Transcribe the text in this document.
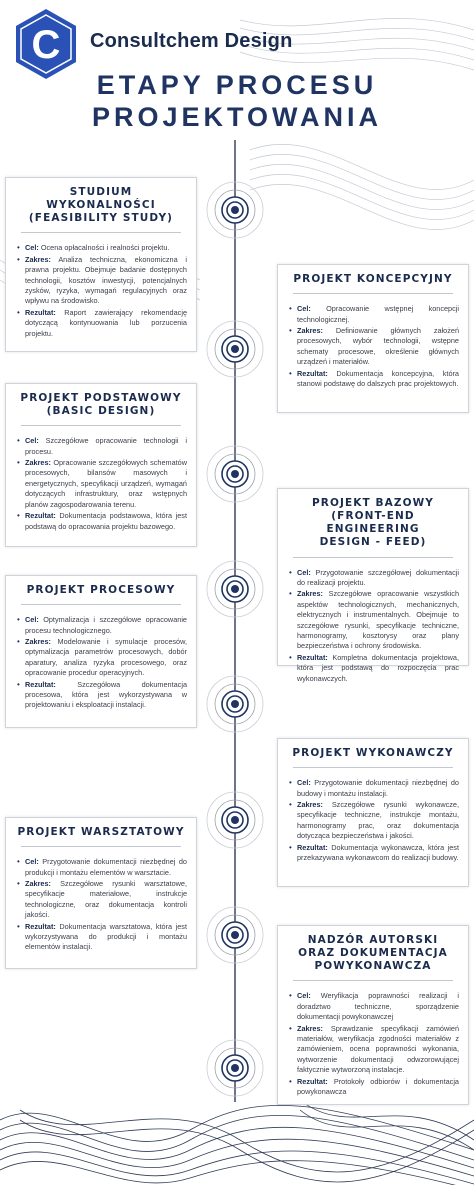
C Consultchem Design
ETAPY PROCESU
PROJEKTOWANIA
STUDIUM WYKONALNOŚCI
(FEASIBILITY STUDY)
• Cel: Ocena opłacalności i realności projektu.
• Zakres: Analiza techniczna, ekonomiczna i prawna projektu. Obejmuje badanie dostępnych technologii, kosztów inwestycji, potencjalnych zysków, ryzyka, wymagań regulacyjnych oraz wpływu na środowisko.
• Rezultat: Raport zawierający rekomendację dotyczącą kontynuowania lub porzucenia projektu.
PROJEKT KONCEPCYJNY
• Cel: Opracowanie wstępnej koncepcji technologicznej.
• Zakres: Definiowanie głównych założeń procesowych, wybór technologii, wstępne schematy procesowe, określenie głównych urządzeń i materiałów.
• Rezultat: Dokumentacja koncepcyjna, która stanowi podstawę do dalszych prac projektowych.
PROJEKT PODSTAWOWY
(BASIC DESIGN)
• Cel: Szczegółowe opracowanie technologii i procesu.
• Zakres: Opracowanie szczegółowych schematów procesowych, bilansów masowych i energetycznych, specyfikacji urządzeń, wymagań dotyczących infrastruktury, oraz wstępnych planów zagospodarowania terenu.
• Rezultat: Dokumentacja podstawowa, która jest podstawą do opracowania projektu bazowego.
PROJEKT BAZOWY
(FRONT-END ENGINEERING
DESIGN - FEED)
• Cel: Przygotowanie szczegółowej dokumentacji do realizacji projektu.
• Zakres: Szczegółowe opracowanie wszystkich aspektów technologicznych, mechanicznych, elektrycznych i instrumentalnych. Obejmuje to szczegółowe rysunki, specyfikacje techniczne, harmonogramy, kosztorysy oraz plany bezpieczeństwa i ochrony środowiska.
• Rezultat: Kompletna dokumentacja projektowa, która jest podstawą do rozpoczęcia prac wykonawczych.
PROJEKT PROCESOWY
• Cel: Optymalizacja i szczegółowe opracowanie procesu technologicznego.
• Zakres: Modelowanie i symulacje procesów, optymalizacja parametrów procesowych, dobór aparatury, analiza ryzyka procesowego, oraz opracowanie procedur operacyjnych.
• Rezultat:	Szczegółowa dokumentacja procesowa, która jest wykorzystywana w projektowaniu i eksploatacji instalacji.
PROJEKT WYKONAWCZY
• Cel: Przygotowanie dokumentacji niezbędnej do budowy i montażu instalacji.
• Zakres: Szczegółowe rysunki wykonawcze, specyfikacje techniczne, instrukcje montażu, harmonogramy prac, oraz dokumentacja dotycząca bezpieczeństwa i jakości.
• Rezultat: Dokumentacja wykonawcza, która jest przekazywana wykonawcom do realizacji budowy.
PROJEKT WARSZTATOWY
• Cel: Przygotowanie dokumentacji niezbędnej do produkcji i montażu elementów w warsztacie.
• Zakres: Szczegółowe rysunki warsztatowe, specyfikacje materiałowe, instrukcje technologiczne, oraz dokumentacja kontroli jakości.
• Rezultat: Dokumentacja warsztatowa, która jest wykorzystywana do produkcji i montażu elementów instalacji.
NADZÓR AUTORSKI
ORAZ DOKUMENTACJA
POWYKONAWCZA
• Cel: Weryfikacja poprawności realizacji i doradztwo techniczne, sporządzenie dokumentacji powykonawczej
• Zakres: Sprawdzanie specyfikacji zamówień materiałów, weryfikacja zgodności materiałów z zamówieniem, ocena poprawności wykonania, wytworzenie dokumentacji odwzorowującej faktycznie wytworzoną instalacje.
• Rezultat: Protokoły odbiorów i dokumentacja powykonawcza
